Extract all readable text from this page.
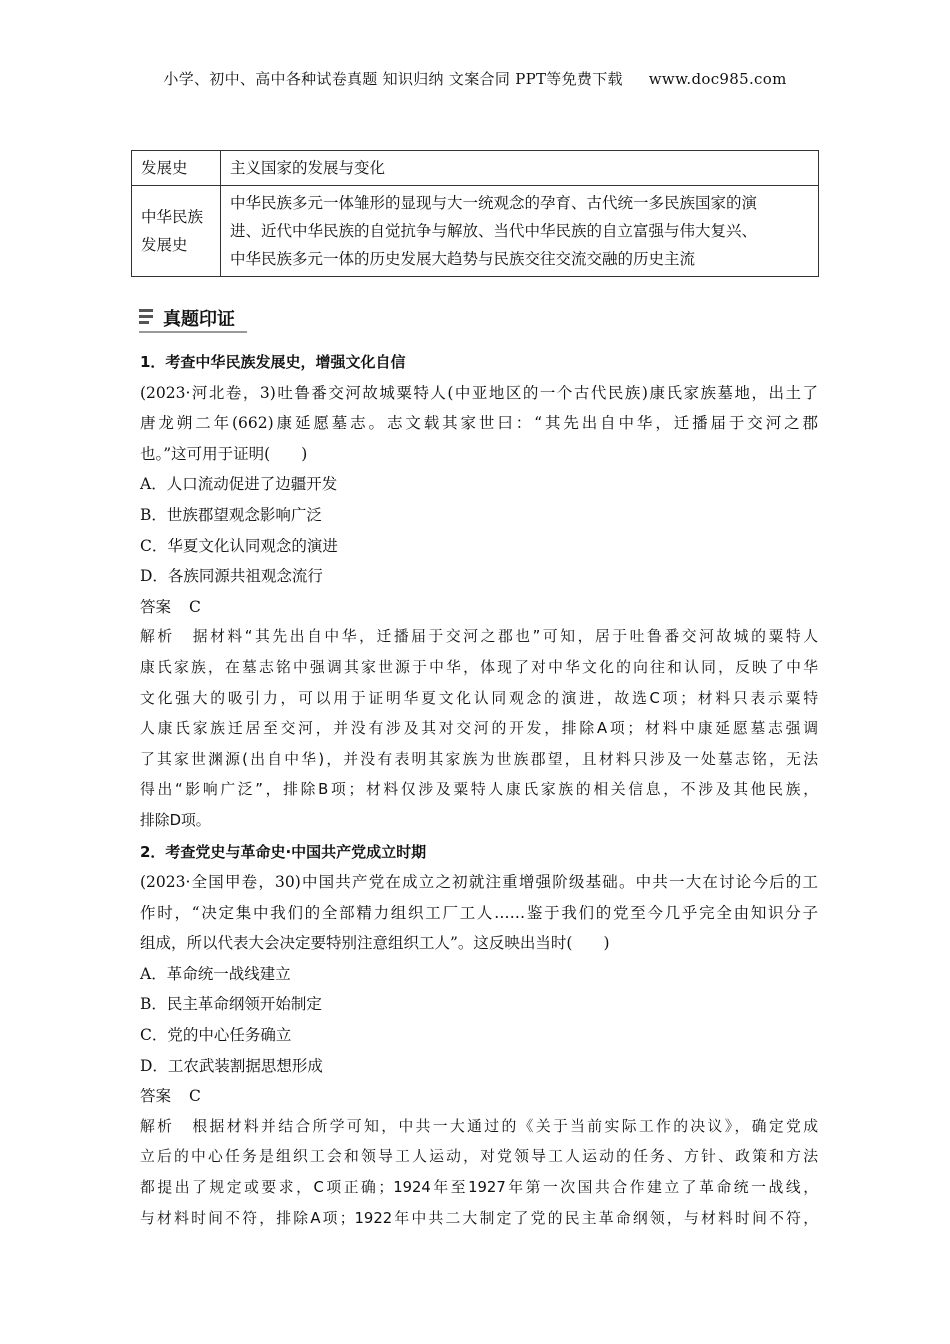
小学、初中、高中各种试卷真题 知识归纳 文案合同 PPT等免费下载 www.doc985.com
发展史	主义国家的发展与变化
中华民族发展史	中华民族多元一体雏形的显现与大一统观念的孕育、古代统一多民族国家的演
进、近代中华民族的自觉抗争与解放、当代中华民族的自立富强与伟大复兴、
中华民族多元一体的历史发展大趋势与民族交往交流交融的历史主流
真题印证
1．考查中华民族发展史，增强文化自信
(2023·河北卷，3)吐鲁番交河故城粟特人(中亚地区的一个古代民族)康氏家族墓地，出土了
唐龙朔二年(662)康延愿墓志。志文载其家世曰：“其先出自中华，迁播届于交河之郡
也。”这可用于证明(　　)
A．人口流动促进了边疆开发
B．世族郡望观念影响广泛
C．华夏文化认同观念的演进
D．各族同源共祖观念流行
答案 C
解析 据材料“其先出自中华，迁播届于交河之郡也”可知，居于吐鲁番交河故城的粟特人
康氏家族，在墓志铭中强调其家世源于中华，体现了对中华文化的向往和认同，反映了中华
文化强大的吸引力，可以用于证明华夏文化认同观念的演进，故选C项；材料只表示粟特
人康氏家族迁居至交河，并没有涉及其对交河的开发，排除A项；材料中康延愿墓志强调
了其家世渊源(出自中华)，并没有表明其家族为世族郡望，且材料只涉及一处墓志铭，无法
得出“影响广泛”，排除B项；材料仅涉及粟特人康氏家族的相关信息，不涉及其他民族，
排除D项。
2．考查党史与革命史·中国共产党成立时期
(2023·全国甲卷，30)中国共产党在成立之初就注重增强阶级基础。中共一大在讨论今后的工
作时，“决定集中我们的全部精力组织工厂工人……鉴于我们的党至今几乎完全由知识分子
组成，所以代表大会决定要特别注意组织工人”。这反映出当时(　　)
A．革命统一战线建立
B．民主革命纲领开始制定
C．党的中心任务确立
D．工农武装割据思想形成
答案 C
解析 根据材料并结合所学可知，中共一大通过的《关于当前实际工作的决议》，确定党成
立后的中心任务是组织工会和领导工人运动，对党领导工人运动的任务、方针、政策和方法
都提出了规定或要求，C项正确；1924年至1927年第一次国共合作建立了革命统一战线，
与材料时间不符，排除A项；1922年中共二大制定了党的民主革命纲领，与材料时间不符，
